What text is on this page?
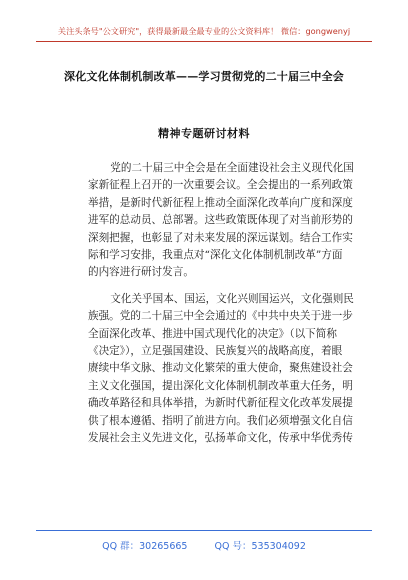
关注头条号"公文研究"，获得最新最全最专业的公文资料库！ 微信：gongwenyj
深化文化体制机制改革——学习贯彻党的二十届三中全会
精神专题研讨材料
党的二十届三中全会是在全面建设社会主义现代化国
家新征程上召开的一次重要会议。全会提出的一系列政策
举措，是新时代新征程上推动全面深化改革向广度和深度
进军的总动员、总部署。这些政策既体现了对当前形势的
深刻把握，也彰显了对未来发展的深远谋划。结合工作实
际和学习安排，我重点对“深化文化体制机制改革”方面
的内容进行研讨发言。
文化关乎国本、国运，文化兴则国运兴，文化强则民
族强。党的二十届三中全会通过的《中共中央关于进一步
全面深化改革、推进中国式现代化的决定》（以下简称
《决定》），立足强国建设、民族复兴的战略高度，着眼
赓续中华文脉、推动文化繁荣的重大使命，聚焦建设社会
主义文化强国，提出深化文化体制机制改革重大任务，明
确改革路径和具体举措，为新时代新征程文化改革发展提
供了根本遵循、指明了前进方向。我们必须增强文化自信
发展社会主义先进文化，弘扬革命文化，传承中华优秀传
QQ 群：30265665	QQ 号：535304092
